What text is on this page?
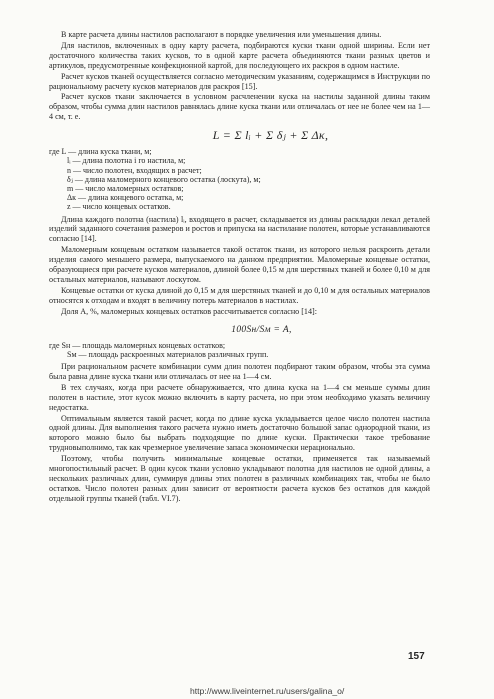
В карте расчета длины настилов располагают в порядке увеличения или уменьшения длины.

Для настилов, включенных в одну карту расчета, подбираются куски ткани одной ширины. Если нет достаточного количества таких кусков, то в одной карте расчета объединяются ткани разных цветов и артикулов, предусмотренные конфекционной картой, для последующего их раскроя в одном настиле.

Расчет кусков тканей осуществляется согласно методическим указаниям, содержащимся в Инструкции по рациональному расчету кусков материалов для раскроя [15].

Расчет кусков ткани заключается в условном расчленении куска на настилы заданной длины таким образом, чтобы сумма длин настилов равнялась длине куска ткани или отличалась от нее не более чем на 1—4 см, т. е.

L = Σ lᵢ + Σ δⱼ + Σ Δκ,

где L — длина куска ткани, м;

lᵢ — длина полотна i го настила, м;

n — число полотен, входящих в расчет;

δⱼ — длина маломерного концевого остатка (лоскута), м;

m — число маломерных остатков;

Δк — длина концевого остатка, м;

z — число концевых остатков.

Длина каждого полотна (настила) lᵢ, входящего в расчет, складывается из длины раскладки лекал деталей изделий заданного сочетания размеров и ростов и припуска на настилание полотен, которые устанавливаются согласно [14].

Маломерным концевым остатком называется такой остаток ткани, из которого нельзя раскроить детали изделия самого меньшего размера, выпускаемого на данном предприятии. Маломерные концевые остатки, образующиеся при расчете кусков материалов, длиной более 0,15 м для шерстяных тканей и более 0,10 м для остальных материалов, называют лоскутом.

Концевые остатки от куска длиной до 0,15 м для шерстяных тканей и до 0,10 м для остальных материалов относятся к отходам и входят в величину потерь материалов в настилах.

Доля A, %, маломерных концевых остатков рассчитывается согласно [14]:

100Sн/Sм = A,

где Sн — площадь маломерных концевых остатков;

Sм — площадь раскроенных материалов различных групп.

При рациональном расчете комбинации сумм длин полотен подбирают таким образом, чтобы эта сумма была равна длине куска ткани или отличалась от нее на 1—4 см.

В тех случаях, когда при расчете обнаруживается, что длина куска на 1—4 см меньше суммы длин полотен в настиле, этот кусок можно включить в карту расчета, но при этом необходимо указать величину недостатка.

Оптимальным является такой расчет, когда по длине куска укладывается целое число полотен настила одной длины. Для выполнения такого расчета нужно иметь достаточно большой запас однородной ткани, из которого можно было бы выбрать подходящие по длине куски. Практически такое требование трудновыполнимо, так как чрезмерное увеличение запаса экономически нерационально.

Поэтому, чтобы получить минимальные концевые остатки, применяется так называемый многопостильный расчет. В один кусок ткани условно укладывают полотна для настилов не одной длины, а нескольких различных длин, суммируя длины этих полотен в различных комбинациях так, чтобы не было остатков. Число полотен разных длин зависит от вероятности расчета кусков без остатков для каждой отдельной группы тканей (табл. VI.7).

157
http://www.liveinternet.ru/users/galina_o/
